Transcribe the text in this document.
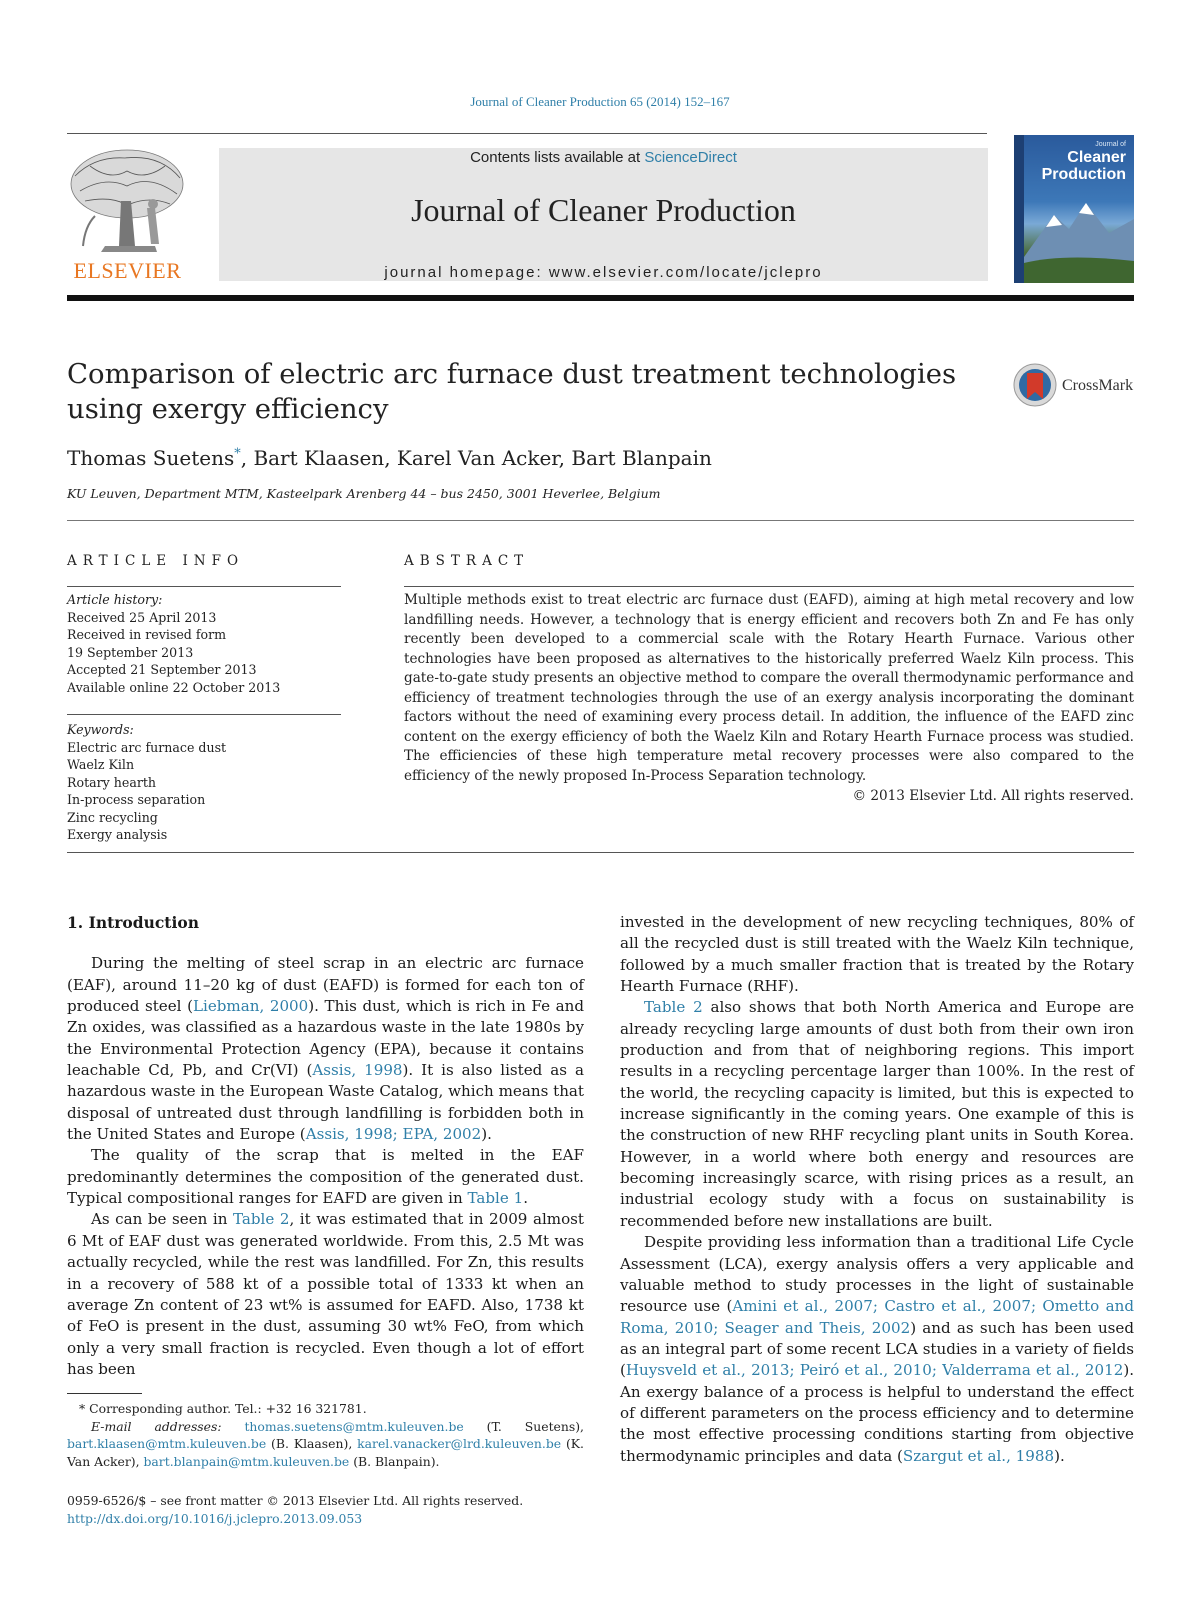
Journal of Cleaner Production 65 (2014) 152–167
ELSEVIER
Contents lists available at ScienceDirect
Journal of Cleaner Production
journal homepage: www.elsevier.com/locate/jclepro
Journal of
Cleaner
Production
Comparison of electric arc furnace dust treatment technologies using exergy efficiency
CrossMark
Thomas Suetens*, Bart Klaasen, Karel Van Acker, Bart Blanpain
KU Leuven, Department MTM, Kasteelpark Arenberg 44 – bus 2450, 3001 Heverlee, Belgium
ARTICLE INFO	ABSTRACT
Article history:
Received 25 April 2013
Received in revised form
19 September 2013
Accepted 21 September 2013
Available online 22 October 2013
Keywords:
Electric arc furnace dust
Waelz Kiln
Rotary hearth
In-process separation
Zinc recycling
Exergy analysis
Multiple methods exist to treat electric arc furnace dust (EAFD), aiming at high metal recovery and low landfilling needs. However, a technology that is energy efficient and recovers both Zn and Fe has only recently been developed to a commercial scale with the Rotary Hearth Furnace. Various other technologies have been proposed as alternatives to the historically preferred Waelz Kiln process. This gate-to-gate study presents an objective method to compare the overall thermodynamic performance and efficiency of treatment technologies through the use of an exergy analysis incorporating the dominant factors without the need of examining every process detail. In addition, the influence of the EAFD zinc content on the exergy efficiency of both the Waelz Kiln and Rotary Hearth Furnace process was studied. The efficiencies of these high temperature metal recovery processes were also compared to the efficiency of the newly proposed In-Process Separation technology.
© 2013 Elsevier Ltd. All rights reserved.
1. Introduction

During the melting of steel scrap in an electric arc furnace (EAF), around 11–20 kg of dust (EAFD) is formed for each ton of produced steel (Liebman, 2000). This dust, which is rich in Fe and Zn oxides, was classified as a hazardous waste in the late 1980s by the Environmental Protection Agency (EPA), because it contains leachable Cd, Pb, and Cr(VI) (Assis, 1998). It is also listed as a hazardous waste in the European Waste Catalog, which means that disposal of untreated dust through landfilling is forbidden both in the United States and Europe (Assis, 1998; EPA, 2002).

The quality of the scrap that is melted in the EAF predominantly determines the composition of the generated dust. Typical compositional ranges for EAFD are given in Table 1.

As can be seen in Table 2, it was estimated that in 2009 almost 6 Mt of EAF dust was generated worldwide. From this, 2.5 Mt was actually recycled, while the rest was landfilled. For Zn, this results in a recovery of 588 kt of a possible total of 1333 kt when an average Zn content of 23 wt% is assumed for EAFD. Also, 1738 kt of FeO is present in the dust, assuming 30 wt% FeO, from which only a very small fraction is recycled. Even though a lot of effort has been

invested in the development of new recycling techniques, 80% of all the recycled dust is still treated with the Waelz Kiln technique, followed by a much smaller fraction that is treated by the Rotary Hearth Furnace (RHF).

Table 2 also shows that both North America and Europe are already recycling large amounts of dust both from their own iron production and from that of neighboring regions. This import results in a recycling percentage larger than 100%. In the rest of the world, the recycling capacity is limited, but this is expected to increase significantly in the coming years. One example of this is the construction of new RHF recycling plant units in South Korea. However, in a world where both energy and resources are becoming increasingly scarce, with rising prices as a result, an industrial ecology study with a focus on sustainability is recommended before new installations are built.

Despite providing less information than a traditional Life Cycle Assessment (LCA), exergy analysis offers a very applicable and valuable method to study processes in the light of sustainable resource use (Amini et al., 2007; Castro et al., 2007; Ometto and Roma, 2010; Seager and Theis, 2002) and as such has been used as an integral part of some recent LCA studies in a variety of fields (Huysveld et al., 2013; Peiró et al., 2010; Valderrama et al., 2012). An exergy balance of a process is helpful to understand the effect of different parameters on the process efficiency and to determine the most effective processing conditions starting from objective thermodynamic principles and data (Szargut et al., 1988).

* Corresponding author. Tel.: +32 16 321781.
E-mail addresses: thomas.suetens@mtm.kuleuven.be (T. Suetens), bart.klaasen@mtm.kuleuven.be (B. Klaasen), karel.vanacker@lrd.kuleuven.be (K. Van Acker), bart.blanpain@mtm.kuleuven.be (B. Blanpain).
0959-6526/$ – see front matter © 2013 Elsevier Ltd. All rights reserved.
http://dx.doi.org/10.1016/j.jclepro.2013.09.053
